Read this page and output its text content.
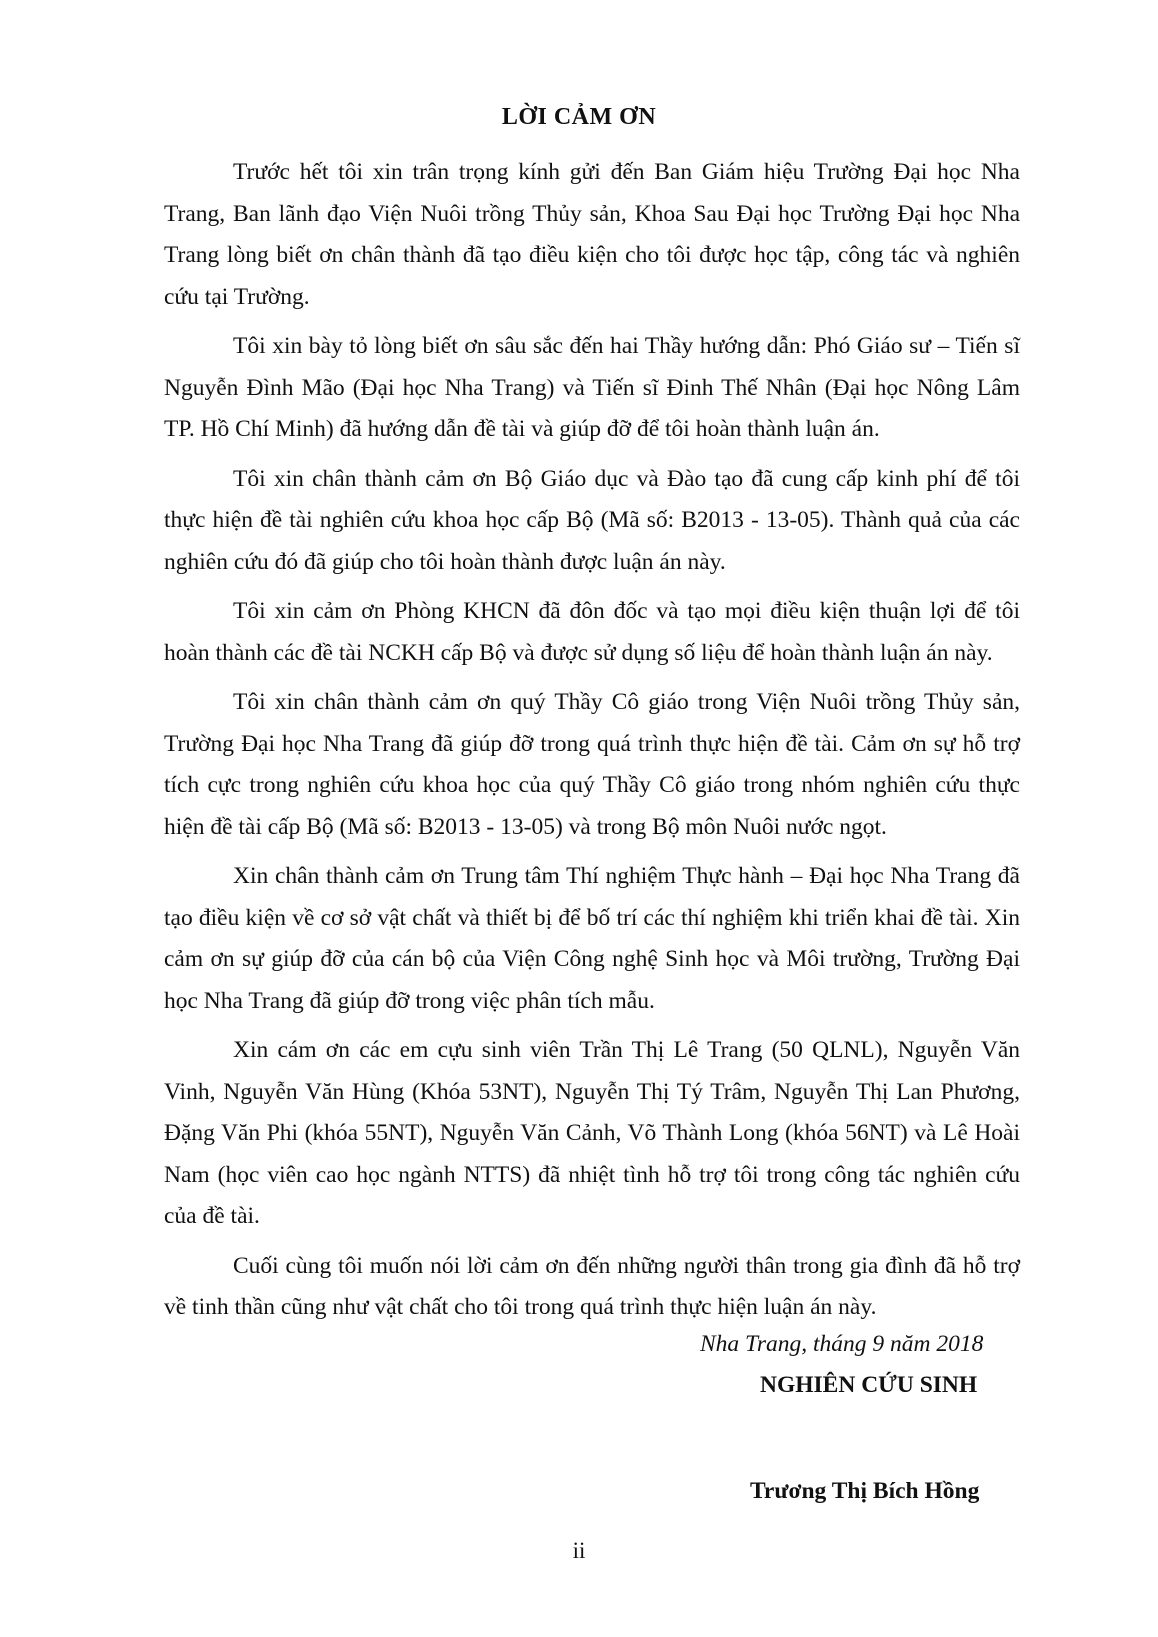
LỜI CẢM ƠN

Trước hết tôi xin trân trọng kính gửi đến Ban Giám hiệu Trường Đại học Nha Trang, Ban lãnh đạo Viện Nuôi trồng Thủy sản, Khoa Sau Đại học Trường Đại học Nha Trang lòng biết ơn chân thành đã tạo điều kiện cho tôi được học tập, công tác và nghiên cứu tại Trường.

Tôi xin bày tỏ lòng biết ơn sâu sắc đến hai Thầy hướng dẫn: Phó Giáo sư – Tiến sĩ Nguyễn Đình Mão (Đại học Nha Trang) và Tiến sĩ Đinh Thế Nhân (Đại học Nông Lâm TP. Hồ Chí Minh) đã hướng dẫn đề tài và giúp đỡ để tôi hoàn thành luận án.

Tôi xin chân thành cảm ơn Bộ Giáo dục và Đào tạo đã cung cấp kinh phí để tôi thực hiện đề tài nghiên cứu khoa học cấp Bộ (Mã số: B2013 - 13-05). Thành quả của các nghiên cứu đó đã giúp cho tôi hoàn thành được luận án này.

Tôi xin cảm ơn Phòng KHCN đã đôn đốc và tạo mọi điều kiện thuận lợi để tôi hoàn thành các đề tài NCKH cấp Bộ và được sử dụng số liệu để hoàn thành luận án này.

Tôi xin chân thành cảm ơn quý Thầy Cô giáo trong Viện Nuôi trồng Thủy sản, Trường Đại học Nha Trang đã giúp đỡ trong quá trình thực hiện đề tài. Cảm ơn sự hỗ trợ tích cực trong nghiên cứu khoa học của quý Thầy Cô giáo trong nhóm nghiên cứu thực hiện đề tài cấp Bộ (Mã số: B2013 - 13-05) và trong Bộ môn Nuôi nước ngọt.

Xin chân thành cảm ơn Trung tâm Thí nghiệm Thực hành – Đại học Nha Trang đã tạo điều kiện về cơ sở vật chất và thiết bị để bố trí các thí nghiệm khi triển khai đề tài. Xin cảm ơn sự giúp đỡ của cán bộ của Viện Công nghệ Sinh học và Môi trường, Trường Đại học Nha Trang đã giúp đỡ trong việc phân tích mẫu.

Xin cám ơn các em cựu sinh viên Trần Thị Lê Trang (50 QLNL), Nguyễn Văn Vinh, Nguyễn Văn Hùng (Khóa 53NT), Nguyễn Thị Tý Trâm, Nguyễn Thị Lan Phương, Đặng Văn Phi (khóa 55NT), Nguyễn Văn Cảnh, Võ Thành Long (khóa 56NT) và Lê Hoài Nam (học viên cao học ngành NTTS) đã nhiệt tình hỗ trợ tôi trong công tác nghiên cứu của đề tài.

Cuối cùng tôi muốn nói lời cảm ơn đến những người thân trong gia đình đã hỗ trợ về tinh thần cũng như vật chất cho tôi trong quá trình thực hiện luận án này.

Nha Trang, tháng 9 năm 2018
NGHIÊN CỨU SINH
Trương Thị Bích Hồng
ii
